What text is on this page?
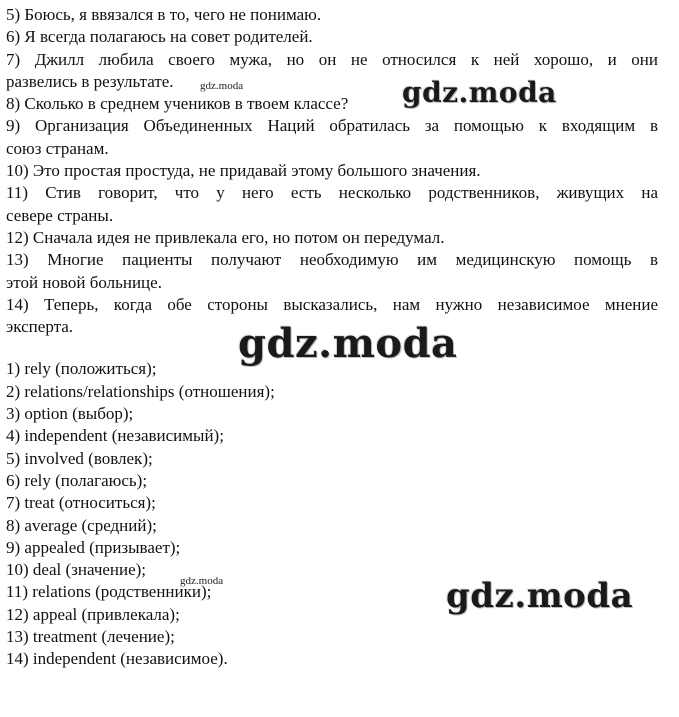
5) Боюсь, я ввязался в то, чего не понимаю.
6) Я всегда полагаюсь на совет родителей.
7) Джилл любила своего мужа, но он не относился к ней хорошо, и они
развелись в результате.
8) Сколько в среднем учеников в твоем классе?
9) Организация Объединенных Наций обратилась за помощью к входящим в
союз странам.
10) Это простая простуда, не придавай этому большого значения.
11) Стив говорит, что у него есть несколько родственников, живущих на
севере страны.
12) Сначала идея не привлекала его, но потом он передумал.
13) Многие пациенты получают необходимую им медицинскую помощь в
этой новой больнице.
14) Теперь, когда обе стороны высказались, нам нужно независимое мнение
эксперта.
1) rely (положиться);
2) relations/relationships (отношения);
3) option (выбор);
4) independent (независимый);
5) involved (вовлек);
6) rely (полагаюсь);
7) treat (относиться);
8) average (средний);
9) appealed (призывает);
10) deal (значение);
11) relations (родственники);
12) appeal (привлекала);
13) treatment (лечение);
14) independent (независимое).
gdz.moda
gdz.moda
gdz.moda
gdz.moda
gdz.moda
